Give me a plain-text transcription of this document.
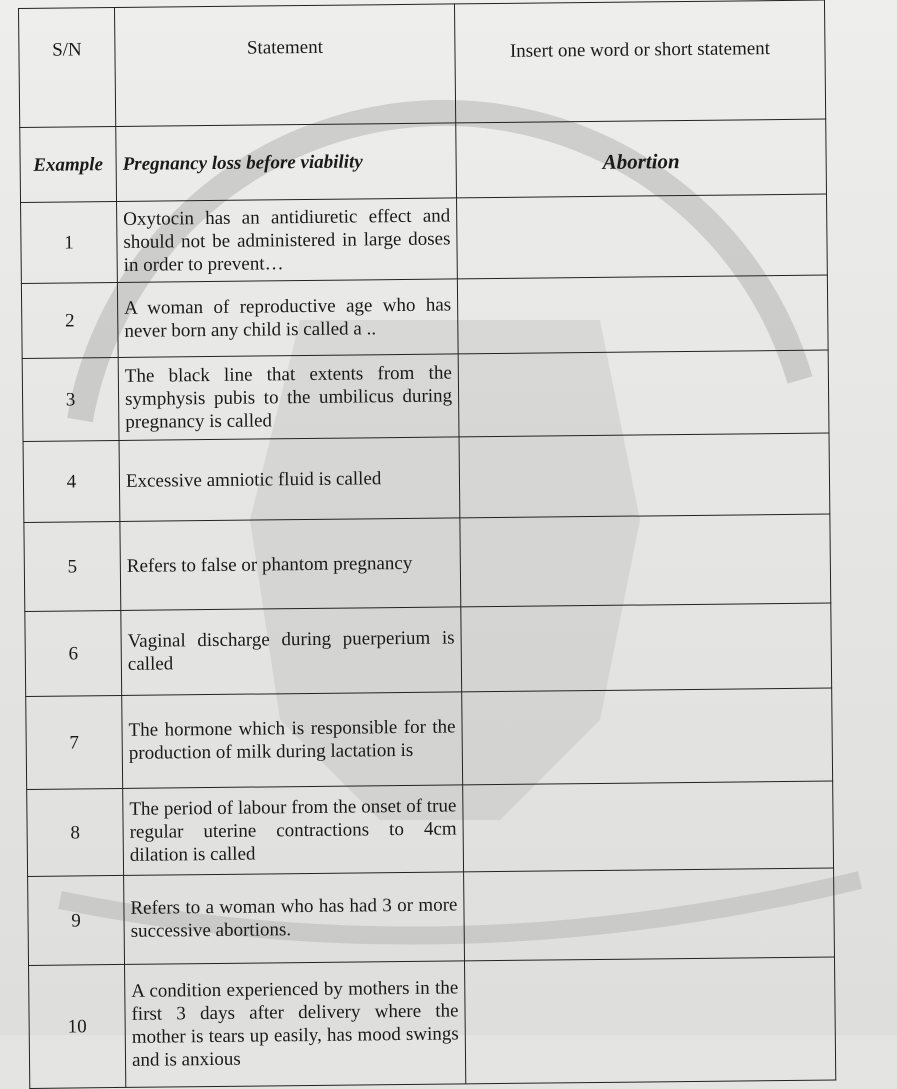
S/N	Statement	Insert one word or short statement
Example	Pregnancy loss before viability	Abortion
1	Oxytocin has an antidiuretic effect and should not be administered in large doses in order to prevent…	
2	A woman of reproductive age who has never born any child is called a ..	
3	The black line that extents from the symphysis pubis to the umbilicus during pregnancy is called	
4	Excessive amniotic fluid is called	
5	Refers to false or phantom pregnancy	
6	Vaginal discharge during puerperium is called	
7	The hormone which is responsible for the production of milk during lactation is	
8	The period of labour from the onset of true regular uterine contractions to 4cm dilation is called	
9	Refers to a woman who has had 3 or more successive abortions.	
10	A condition experienced by mothers in the first 3 days after delivery where the mother is tears up easily, has mood swings and is anxious	
